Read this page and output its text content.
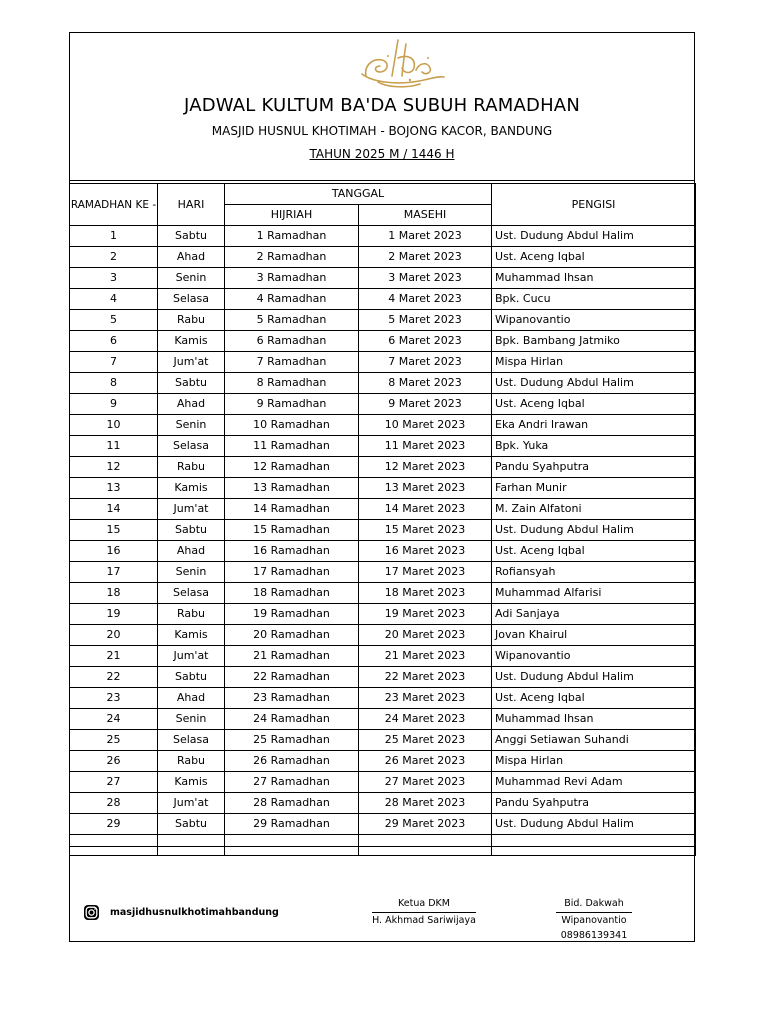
JADWAL KULTUM BA'DA SUBUH RAMADHAN
MASJID HUSNUL KHOTIMAH - BOJONG KACOR, BANDUNG
TAHUN 2025 M / 1446 H
RAMADHAN KE -	HARI	TANGGAL		PENGISI
		HIJRIAH	MASEHI	
1	Sabtu	1 Ramadhan	1 Maret 2023	Ust. Dudung Abdul Halim
2	Ahad	2 Ramadhan	2 Maret 2023	Ust. Aceng Iqbal
3	Senin	3 Ramadhan	3 Maret 2023	Muhammad Ihsan
4	Selasa	4 Ramadhan	4 Maret 2023	Bpk. Cucu
5	Rabu	5 Ramadhan	5 Maret 2023	Wipanovantio
6	Kamis	6 Ramadhan	6 Maret 2023	Bpk. Bambang Jatmiko
7	Jum'at	7 Ramadhan	7 Maret 2023	Mispa Hirlan
8	Sabtu	8 Ramadhan	8 Maret 2023	Ust. Dudung Abdul Halim
9	Ahad	9 Ramadhan	9 Maret 2023	Ust. Aceng Iqbal
10	Senin	10 Ramadhan	10 Maret 2023	Eka Andri Irawan
11	Selasa	11 Ramadhan	11 Maret 2023	Bpk. Yuka
12	Rabu	12 Ramadhan	12 Maret 2023	Pandu Syahputra
13	Kamis	13 Ramadhan	13 Maret 2023	Farhan Munir
14	Jum'at	14 Ramadhan	14 Maret 2023	M. Zain Alfatoni
15	Sabtu	15 Ramadhan	15 Maret 2023	Ust. Dudung Abdul Halim
16	Ahad	16 Ramadhan	16 Maret 2023	Ust. Aceng Iqbal
17	Senin	17 Ramadhan	17 Maret 2023	Rofiansyah
18	Selasa	18 Ramadhan	18 Maret 2023	Muhammad Alfarisi
19	Rabu	19 Ramadhan	19 Maret 2023	Adi Sanjaya
20	Kamis	20 Ramadhan	20 Maret 2023	Jovan Khairul
21	Jum'at	21 Ramadhan	21 Maret 2023	Wipanovantio
22	Sabtu	22 Ramadhan	22 Maret 2023	Ust. Dudung Abdul Halim
23	Ahad	23 Ramadhan	23 Maret 2023	Ust. Aceng Iqbal
24	Senin	24 Ramadhan	24 Maret 2023	Muhammad Ihsan
25	Selasa	25 Ramadhan	25 Maret 2023	Anggi Setiawan Suhandi
26	Rabu	26 Ramadhan	26 Maret 2023	Mispa Hirlan
27	Kamis	27 Ramadhan	27 Maret 2023	Muhammad Revi Adam
28	Jum'at	28 Ramadhan	28 Maret 2023	Pandu Syahputra
29	Sabtu	29 Ramadhan	29 Maret 2023	Ust. Dudung Abdul Halim

masjidhusnulkhotimahbandung
Ketua DKM
H. Akhmad Sariwijaya
Bid. Dakwah
Wipanovantio
08986139341
